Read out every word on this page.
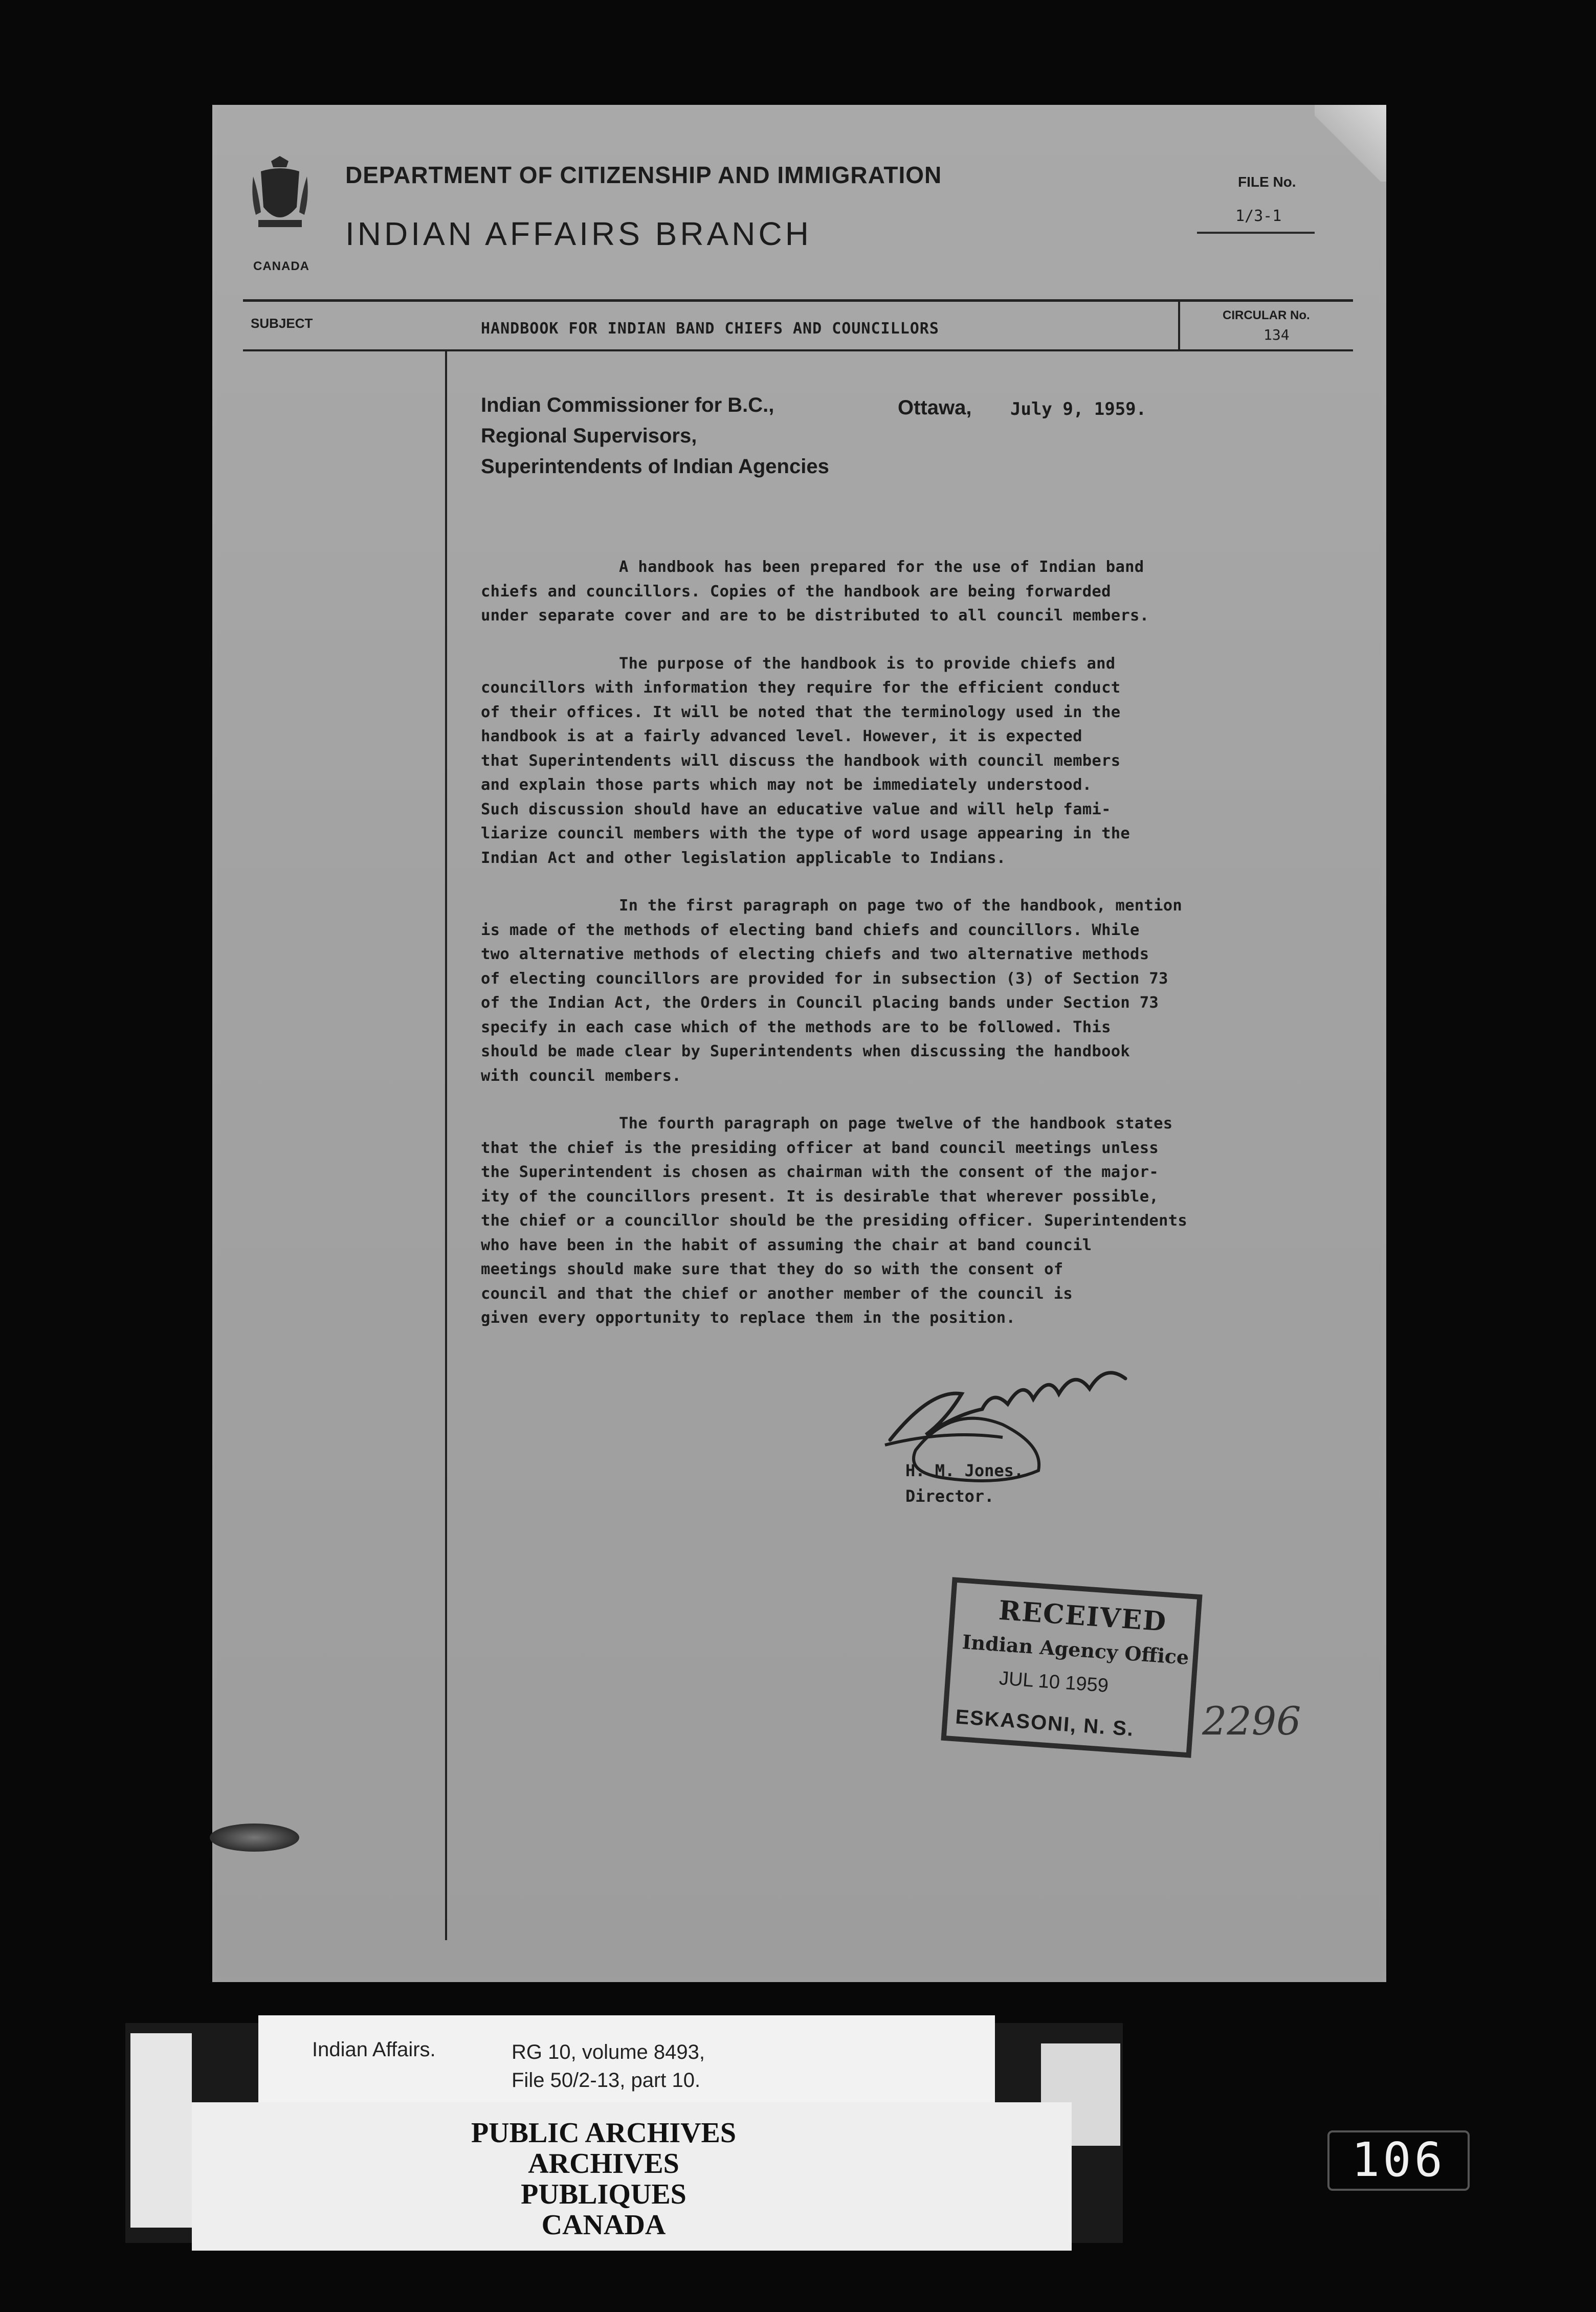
CANADA
DEPARTMENT OF CITIZENSHIP AND IMMIGRATION
INDIAN AFFAIRS BRANCH
FILE No.
1/3-1
SUBJECT	HANDBOOK FOR INDIAN BAND CHIEFS AND COUNCILLORS
CIRCULAR No.
134
Indian Commissioner for B.C.,
Regional Supervisors,
Superintendents of Indian Agencies
Ottawa, July 9, 1959.
A handbook has been prepared for the use of Indian band
chiefs and councillors. Copies of the handbook are being forwarded
under separate cover and are to be distributed to all council members.
The purpose of the handbook is to provide chiefs and
councillors with information they require for the efficient conduct
of their offices. It will be noted that the terminology used in the
handbook is at a fairly advanced level. However, it is expected
that Superintendents will discuss the handbook with council members
and explain those parts which may not be immediately understood.
Such discussion should have an educative value and will help fami-
liarize council members with the type of word usage appearing in the
Indian Act and other legislation applicable to Indians.
In the first paragraph on page two of the handbook, mention
is made of the methods of electing band chiefs and councillors. While
two alternative methods of electing chiefs and two alternative methods
of electing councillors are provided for in subsection (3) of Section 73
of the Indian Act, the Orders in Council placing bands under Section 73
specify in each case which of the methods are to be followed. This
should be made clear by Superintendents when discussing the handbook
with council members.
The fourth paragraph on page twelve of the handbook states
that the chief is the presiding officer at band council meetings unless
the Superintendent is chosen as chairman with the consent of the major-
ity of the councillors present. It is desirable that wherever possible,
the chief or a councillor should be the presiding officer. Superintendents
who have been in the habit of assuming the chair at band council
meetings should make sure that they do so with the consent of
council and that the chief or another member of the council is
given every opportunity to replace them in the position.
H. M. Jones,
Director.
RECEIVED
Indian Agency Office
JUL 10 1959
ESKASONI, N. S. 2296
Indian Affairs.	RG 10, volume 8493,
File 50/2-13, part 10.
PUBLIC ARCHIVES
ARCHIVES PUBLIQUES
CANADA
106
